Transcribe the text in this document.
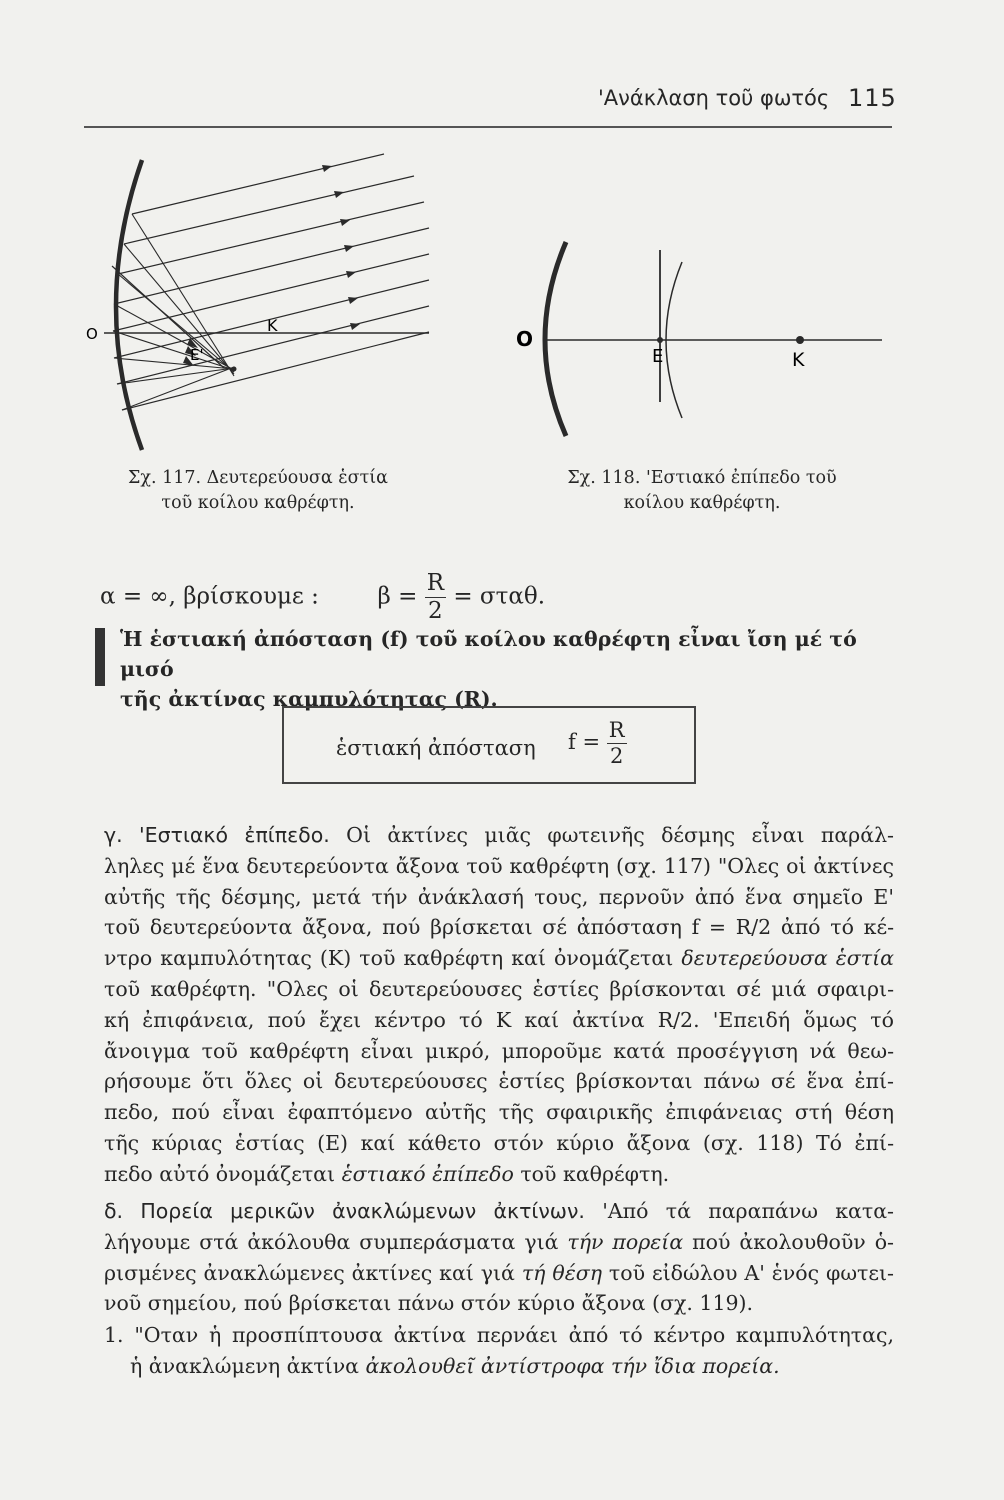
'Ανάκλαση τοῦ φωτός 115
O	K
E'
Σχ. 117. Δευτερεύουσα ἑστία
τοῦ κοίλου καθρέφτη.
O
E	K
Σχ. 118. 'Εστιακό ἐπίπεδο τοῦ
κοίλου καθρέφτη.
α = ∞, βρίσκουμε :	$\beta = \frac{R}{2} = \sigma\tau\alpha\theta$.
Ἡ ἑστιακή ἀπόσταση (f) τοῦ κοίλου καθρέφτη εἶναι ἴση μέ τό μισό
τῆς ἀκτίνας καμπυλότητας (R).
ἑστιακή ἀπόσταση $f = \frac{R}{2}$
γ. 'Εστιακό ἐπίπεδο. Οἱ ἀκτίνες μιᾶς φωτεινῆς δέσμης εἶναι παράλ-
ληλες μέ ἕνα δευτερεύοντα ἄξονα τοῦ καθρέφτη (σχ. 117) "Ολες οἱ ἀκτίνες
αὐτῆς τῆς δέσμης, μετά τήν ἀνάκλασή τους, περνοῦν ἀπό ἕνα σημεῖο Ε'
τοῦ δευτερεύοντα ἄξονα, πού βρίσκεται σέ ἀπόσταση f = R/2 ἀπό τό κέ-
ντρο καμπυλότητας (Κ) τοῦ καθρέφτη καί ὀνομάζεται δευτερεύουσα ἑστία
τοῦ καθρέφτη. "Ολες οἱ δευτερεύουσες ἑστίες βρίσκονται σέ μιά σφαιρι-
κή ἐπιφάνεια, πού ἔχει κέντρο τό Κ καί ἀκτίνα R/2. 'Επειδή ὅμως τό
ἄνοιγμα τοῦ καθρέφτη εἶναι μικρό, μποροῦμε κατά προσέγγιση νά θεω-
ρήσουμε ὅτι ὅλες οἱ δευτερεύουσες ἑστίες βρίσκονται πάνω σέ ἕνα ἐπί-
πεδο, πού εἶναι ἐφαπτόμενο αὐτῆς τῆς σφαιρικῆς ἐπιφάνειας στή θέση
τῆς κύριας ἑστίας (Ε) καί κάθετο στόν κύριο ἄξονα (σχ. 118) Τό ἐπί-
πεδο αὐτό ὀνομάζεται ἑστιακό ἐπίπεδο τοῦ καθρέφτη.
δ. Πορεία μερικῶν ἀνακλώμενων ἀκτίνων. 'Από τά παραπάνω κατα-
λήγουμε στά ἀκόλουθα συμπεράσματα γιά τήν πορεία πού ἀκολουθοῦν ὁ-
ρισμένες ἀνακλώμενες ἀκτίνες καί γιά τή θέση τοῦ εἰδώλου Α' ἑνός φωτει-
νοῦ σημείου, πού βρίσκεται πάνω στόν κύριο ἄξονα (σχ. 119).
1. "Οταν ἡ προσπίπτουσα ἀκτίνα περνάει ἀπό τό κέντρο καμπυλότητας,
ἡ ἀνακλώμενη ἀκτίνα ἀκολουθεῖ ἀντίστροφα τήν ἴδια πορεία.
